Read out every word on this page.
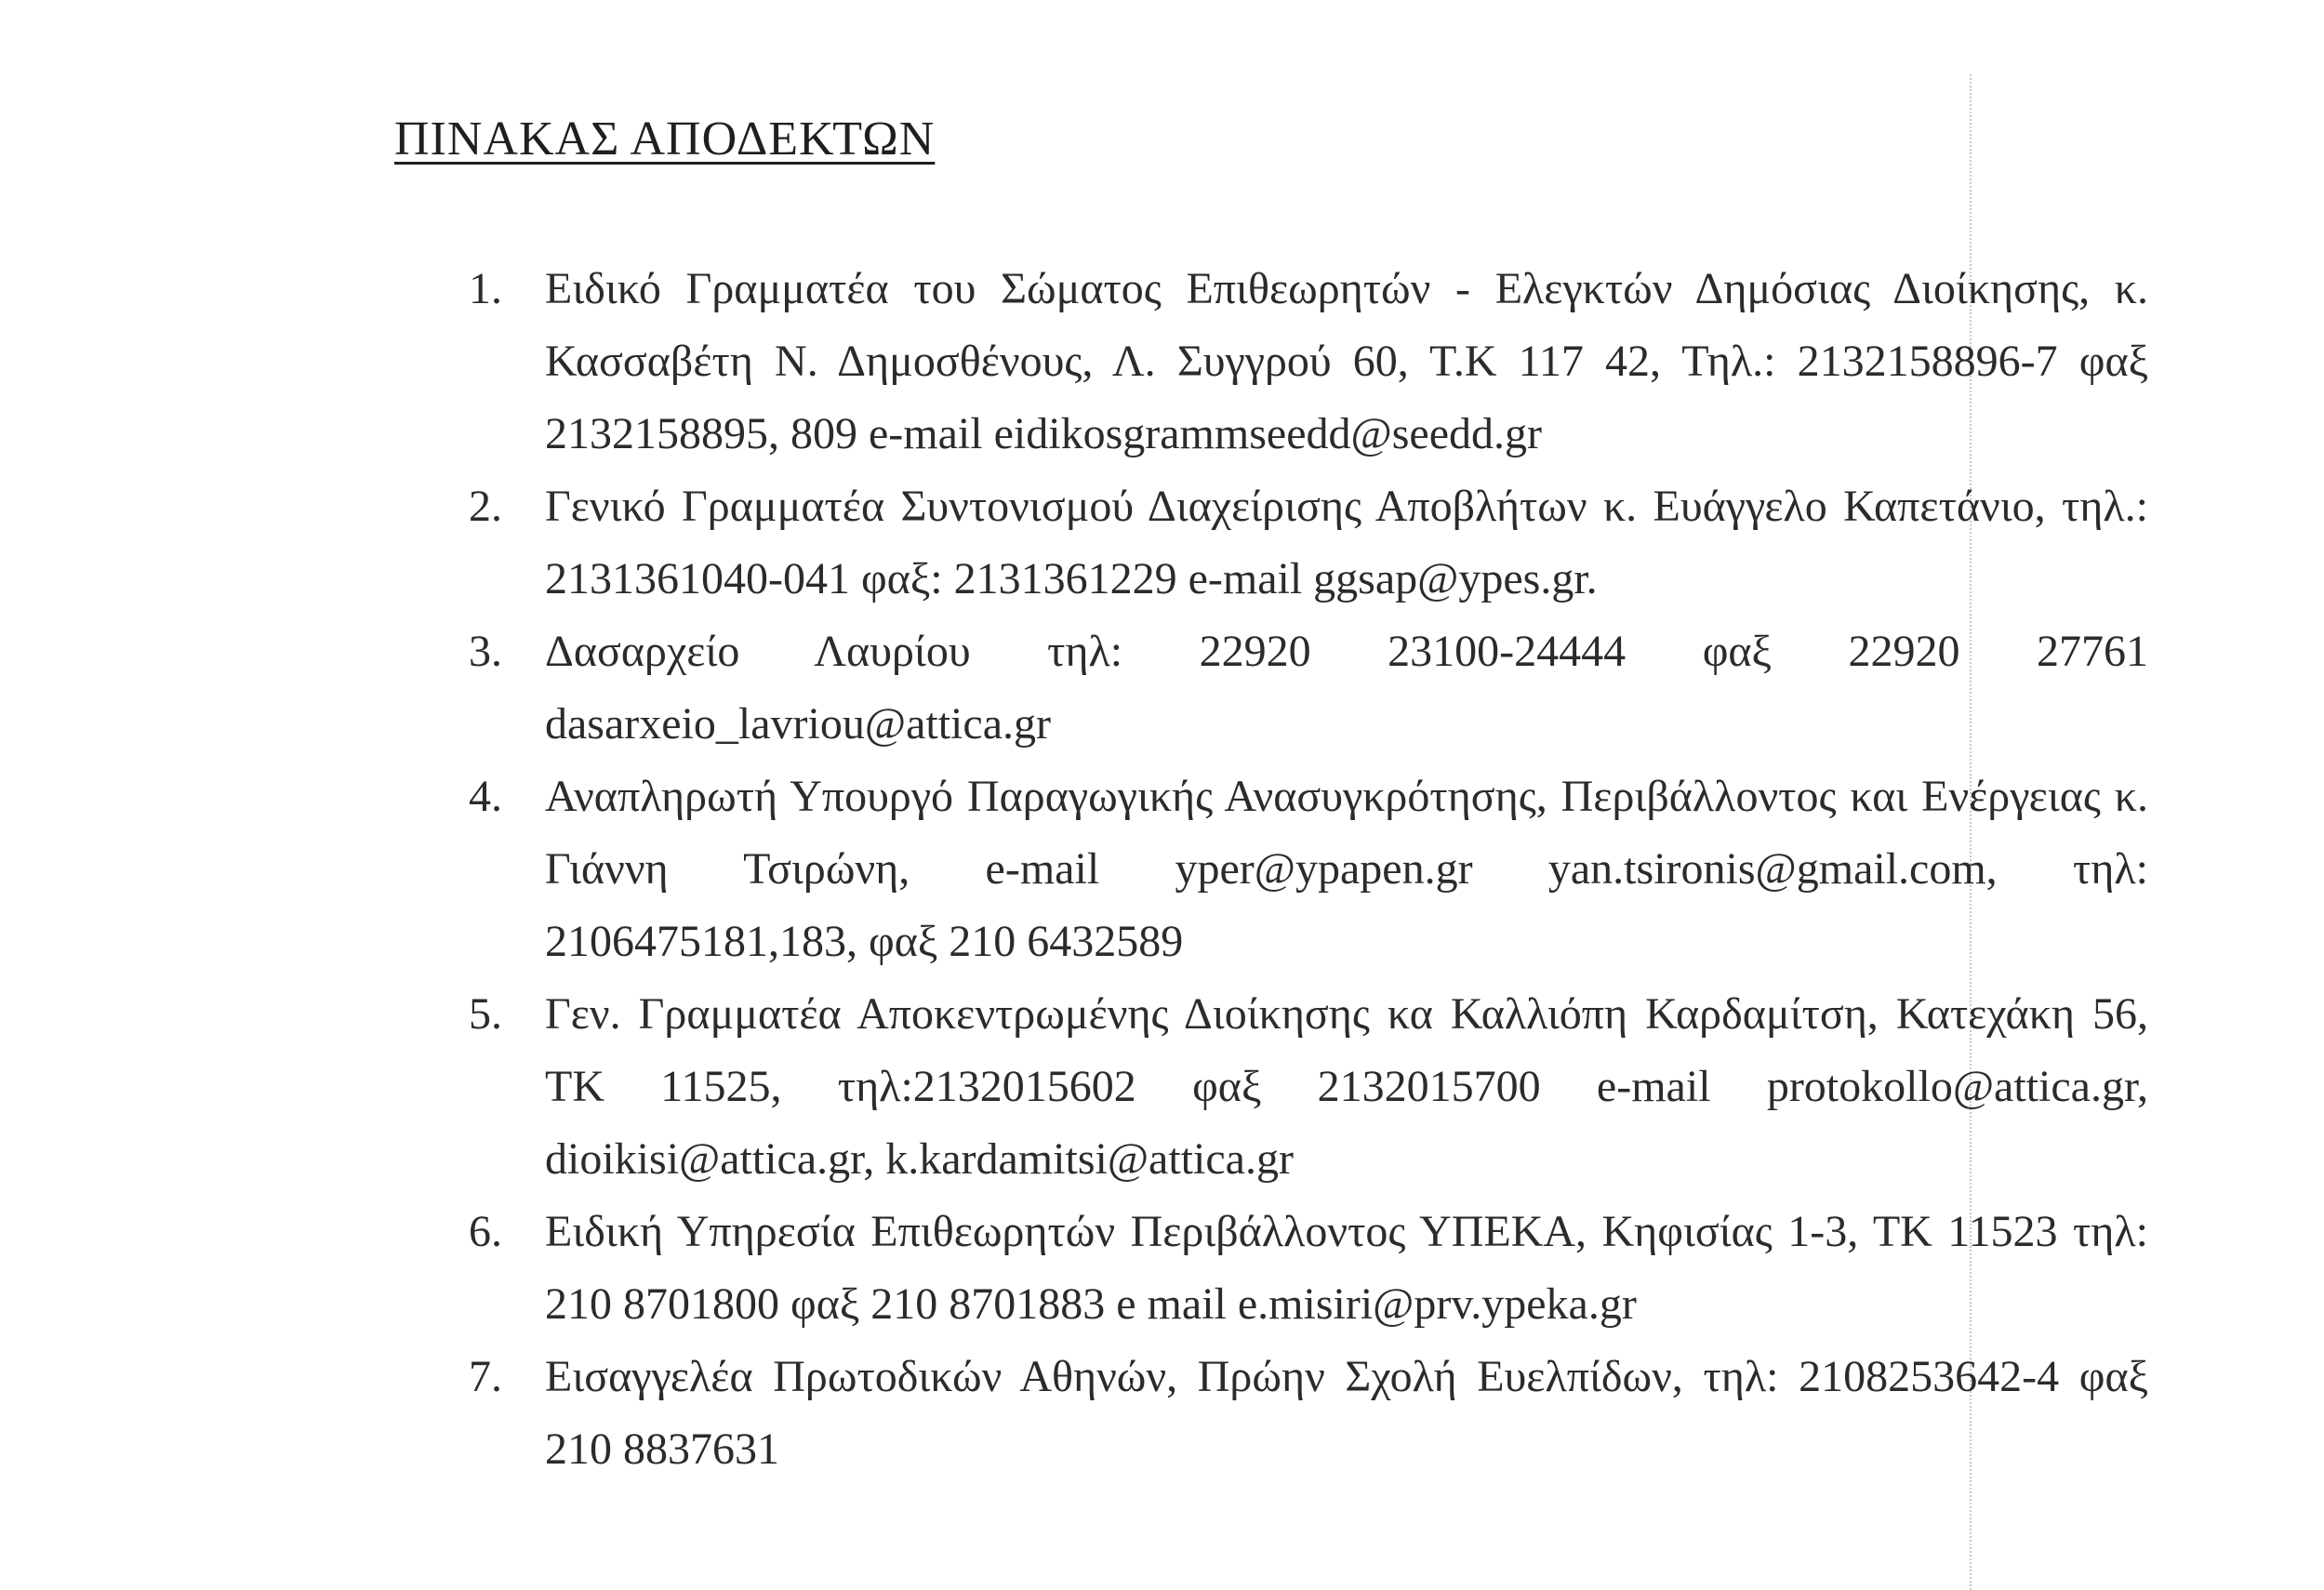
ΠΙΝΑΚΑΣ ΑΠΟΔΕΚΤΩΝ
1. Ειδικό Γραμματέα του Σώματος Επιθεωρητών - Ελεγκτών Δημόσιας Διοίκησης, κ. Κασσαβέτη Ν. Δημοσθένους, Λ. Συγγρού 60, Τ.Κ 117 42, Τηλ.: 2132158896-7 φαξ 2132158895, 809 e-mail eidikosgrammseedd@seedd.gr
2. Γενικό Γραμματέα Συντονισμού Διαχείρισης Αποβλήτων κ. Ευάγγελο Καπετάνιο, τηλ.: 2131361040-041 φαξ: 2131361229 e-mail ggsap@ypes.gr.
3. Δασαρχείο Λαυρίου τηλ: 22920 23100-24444 φαξ 22920 27761 dasarxeio_lavriou@attica.gr
4. Αναπληρωτή Υπουργό Παραγωγικής Ανασυγκρότησης, Περιβάλλοντος και Ενέργειας κ. Γιάννη Τσιρώνη, e-mail yper@ypapen.gr yan.tsironis@gmail.com, τηλ: 2106475181,183, φαξ 210 6432589
5. Γεν. Γραμματέα Αποκεντρωμένης Διοίκησης κα Καλλιόπη Καρδαμίτση, Κατεχάκη 56, ΤΚ 11525, τηλ:2132015602 φαξ 2132015700 e-mail protokollo@attica.gr, dioikisi@attica.gr, k.kardamitsi@attica.gr
6. Ειδική Υπηρεσία Επιθεωρητών Περιβάλλοντος ΥΠΕΚΑ, Κηφισίας 1-3, ΤΚ 11523 τηλ: 210 8701800 φαξ 210 8701883 e mail e.misiri@prv.ypeka.gr
7. Εισαγγελέα Πρωτοδικών Αθηνών, Πρώην Σχολή Ευελπίδων, τηλ: 2108253642-4 φαξ 210 8837631
